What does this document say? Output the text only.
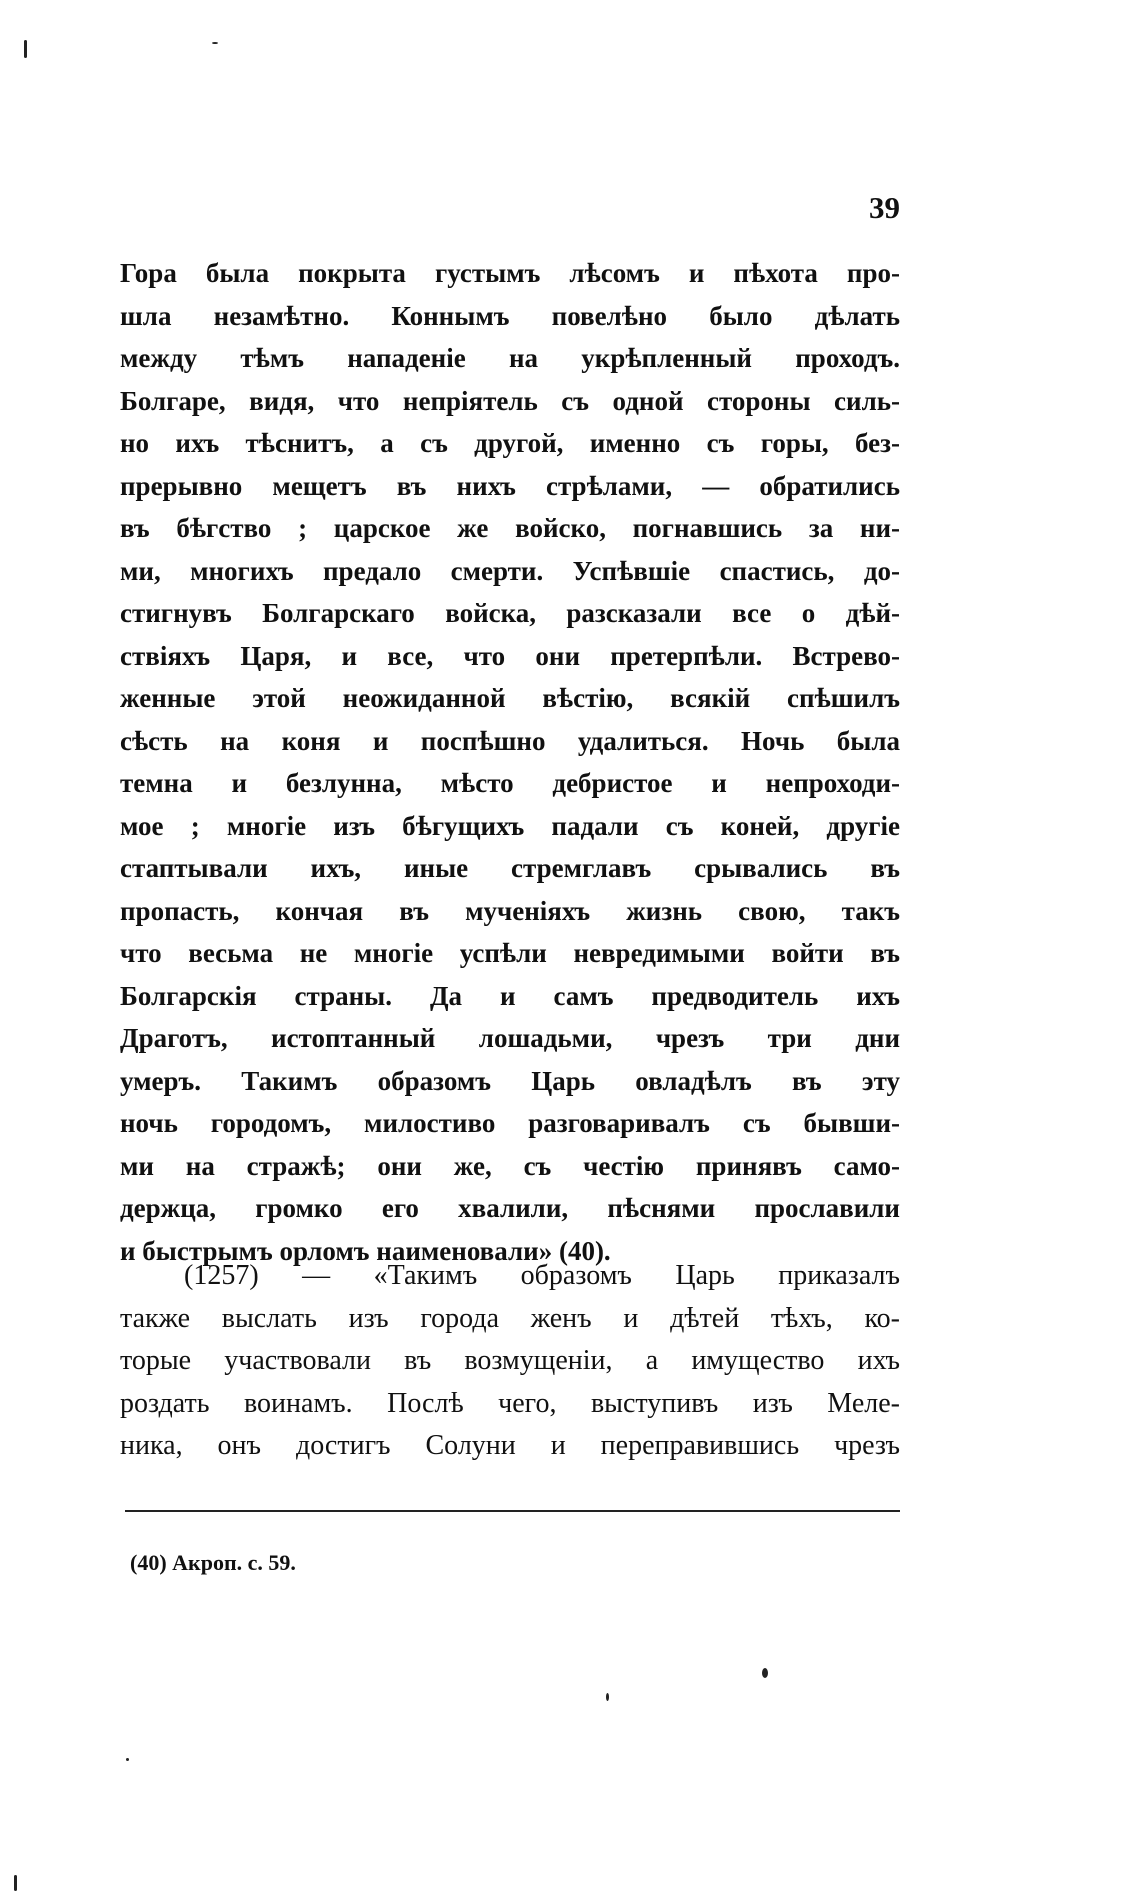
39
Гора была покрыта густымъ лѣсомъ и пѣхота про-
шла незамѣтно. Коннымъ повелѣно было дѣлать
между тѣмъ нападеніе на укрѣпленный проходъ.
Болгаре, видя, что непріятель съ одной стороны силь-
но ихъ тѣснитъ, а съ другой, именно съ горы, без-
прерывно мещетъ въ нихъ стрѣлами, — обратились
въ бѣгство ; царское же войско, погнавшись за ни-
ми, многихъ предало смерти. Успѣвшіе спастись, до-
стигнувъ Болгарскаго войска, разсказали все о дѣй-
ствіяхъ Царя, и все, что они претерпѣли. Встрево-
женные этой неожиданной вѣстію, всякій спѣшилъ
сѣсть на коня и поспѣшно удалиться. Ночь была
темна и безлунна, мѣсто дебристое и непроходи-
мое ; многіе изъ бѣгущихъ падали съ коней, другіе
стаптывали ихъ, иные стремглавъ срывались въ
пропасть, кончая въ мученіяхъ жизнь свою, такъ
что весьма не многіе успѣли невредимыми войти въ
Болгарскія страны. Да и самъ предводитель ихъ
Драготъ, истоптанный лошадьми, чрезъ три дни
умеръ. Такимъ образомъ Царь овладѣлъ въ эту
ночь городомъ, милостиво разговаривалъ съ бывши-
ми на стражѣ; они же, съ честію принявъ само-
держца, громко его хвалили, пѣснями прославили
и быстрымъ орломъ наименовали» (40).
(1257) — «Такимъ образомъ Царь приказалъ
также выслать изъ города женъ и дѣтей тѣхъ, ко-
торые участвовали въ возмущеніи, а имущество ихъ
роздать воинамъ. Послѣ чего, выступивъ изъ Меле-
ника, онъ достигъ Солуни и переправившись чрезъ
(40) Акроп. с. 59.
